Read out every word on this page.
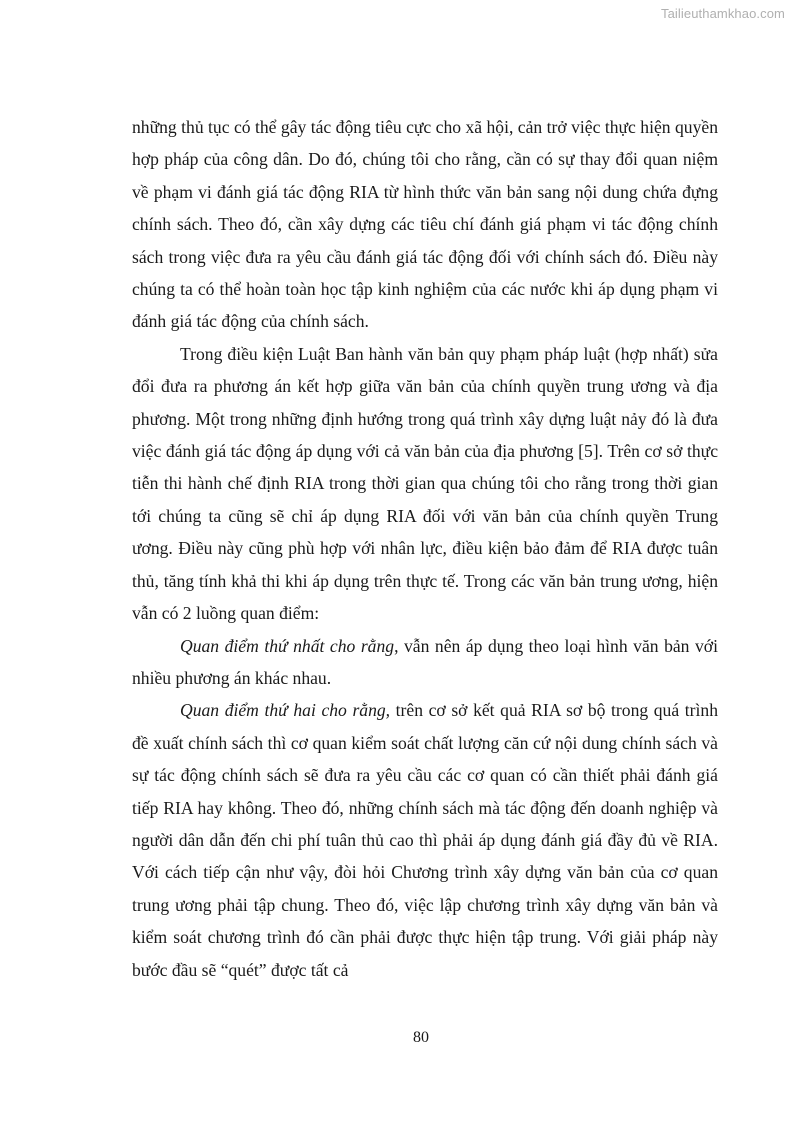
Tailieuthamkhao.com

những thủ tục có thể gây tác động tiêu cực cho xã hội, cản trở việc thực hiện quyền hợp pháp của công dân. Do đó, chúng tôi cho rằng, cần có sự thay đổi quan niệm về phạm vi đánh giá tác động RIA từ hình thức văn bản sang nội dung chứa đựng chính sách. Theo đó, cần xây dựng các tiêu chí đánh giá phạm vi tác động chính sách trong việc đưa ra yêu cầu đánh giá tác động đối với chính sách đó. Điều này chúng ta có thể hoàn toàn học tập kinh nghiệm của các nước khi áp dụng phạm vi đánh giá tác động của chính sách.

Trong điều kiện Luật Ban hành văn bản quy phạm pháp luật (hợp nhất) sửa đổi đưa ra phương án kết hợp giữa văn bản của chính quyền trung ương và địa phương. Một trong những định hướng trong quá trình xây dựng luật nảy đó là đưa việc đánh giá tác động áp dụng với cả văn bản của địa phương [5]. Trên cơ sở thực tiễn thi hành chế định RIA trong thời gian qua chúng tôi cho rằng trong thời gian tới chúng ta cũng sẽ chỉ áp dụng RIA đối với văn bản của chính quyền Trung ương. Điều này cũng phù hợp với nhân lực, điều kiện bảo đảm để RIA được tuân thủ, tăng tính khả thi khi áp dụng trên thực tế. Trong các văn bản trung ương, hiện vẫn có 2 luồng quan điểm:

Quan điểm thứ nhất cho rằng, vẫn nên áp dụng theo loại hình văn bản với nhiều phương án khác nhau.

Quan điểm thứ hai cho rằng, trên cơ sở kết quả RIA sơ bộ trong quá trình đề xuất chính sách thì cơ quan kiểm soát chất lượng căn cứ nội dung chính sách và sự tác động chính sách sẽ đưa ra yêu cầu các cơ quan có cần thiết phải đánh giá tiếp RIA hay không. Theo đó, những chính sách mà tác động đến doanh nghiệp và người dân dẫn đến chi phí tuân thủ cao thì phải áp dụng đánh giá đầy đủ về RIA. Với cách tiếp cận như vậy, đòi hỏi Chương trình xây dựng văn bản của cơ quan trung ương phải tập chung. Theo đó, việc lập chương trình xây dựng văn bản và kiểm soát chương trình đó cần phải được thực hiện tập trung. Với giải pháp này bước đầu sẽ “quét” được tất cả

80
